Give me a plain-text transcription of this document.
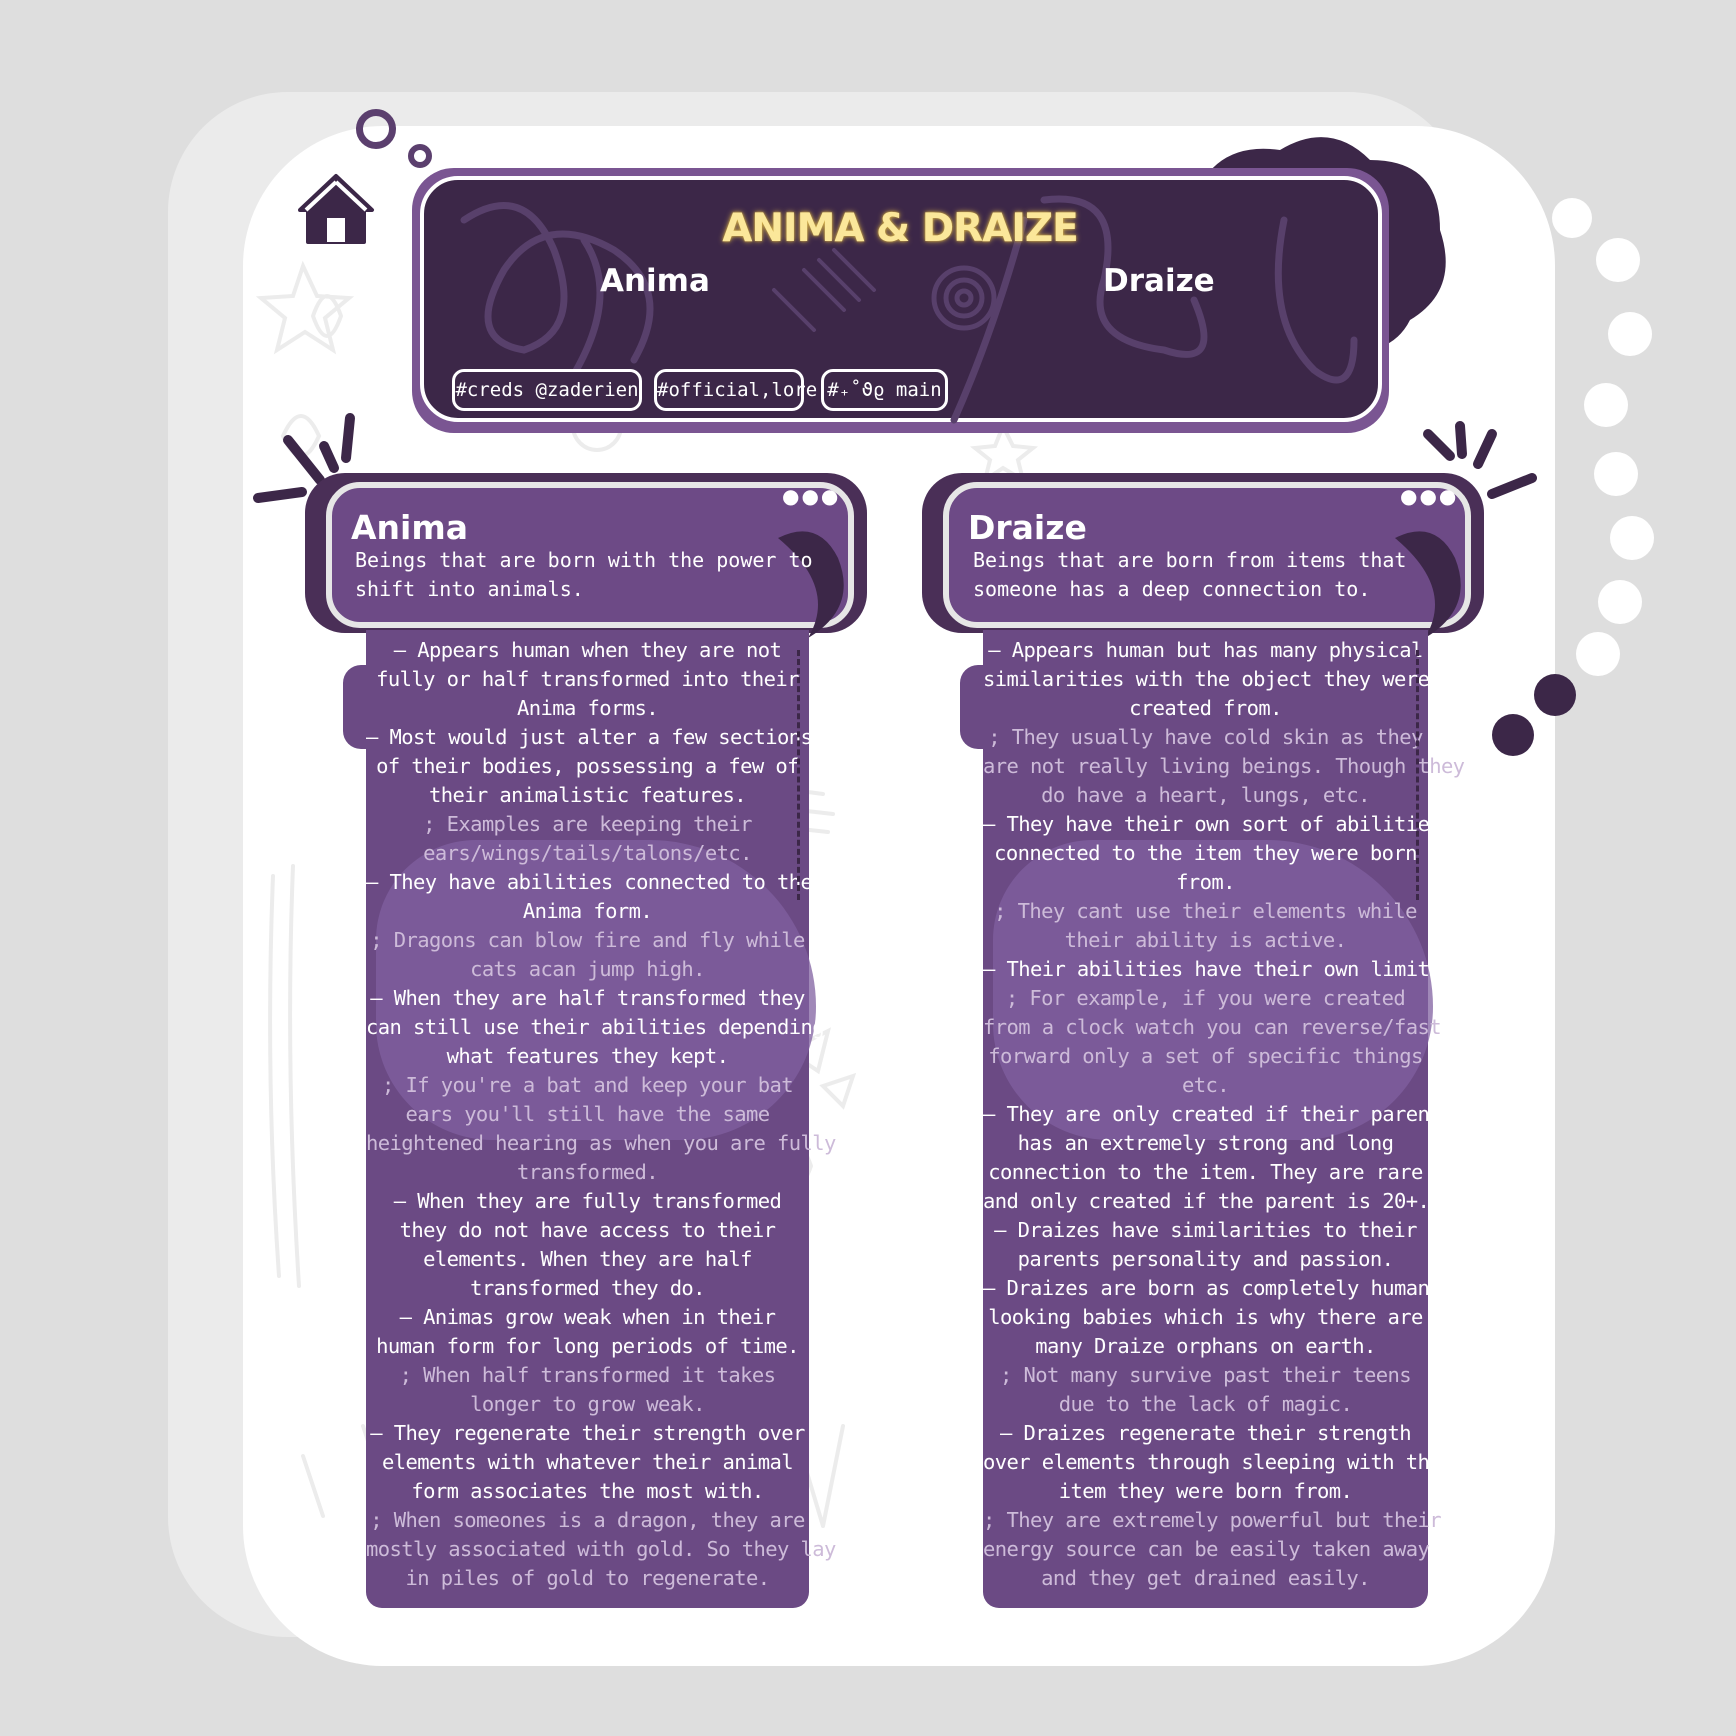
ANIMA & DRAIZE
Anima	Draize
#creds @zaderien #official,lore #₊˚ϑϱ main
●●●
Anima
Beings that are born with the power to
shift into animals.
— Appears human when they are not
fully or half transformed into their
Anima forms.
— Most would just alter a few sections
of their bodies, possessing a few of
their animalistic features.
; Examples are keeping their
ears/wings/tails/talons/etc.
— They have abilities connected to their
Anima form.
; Dragons can blow fire and fly while
cats acan jump high.
— When they are half transformed they
can still use their abilities depending on
what features they kept.
; If you're a bat and keep your bat
ears you'll still have the same
heightened hearing as when you are fully
transformed.
— When they are fully transformed
they do not have access to their
elements. When they are half
transformed they do.
— Animas grow weak when in their
human form for long periods of time.
; When half transformed it takes
longer to grow weak.
— They regenerate their strength over
elements with whatever their animal
form associates the most with.
; When someones is a dragon, they are
mostly associated with gold. So they lay
in piles of gold to regenerate.
●●●
Draize
Beings that are born from items that
someone has a deep connection to.
— Appears human but has many physical
similarities with the object they were
created from.
; They usually have cold skin as they
are not really living beings. Though they
do have a heart, lungs, etc.
— They have their own sort of abilities
connected to the item they were born
from.
; They cant use their elements while
their ability is active.
— Their abilities have their own limits.
; For example, if you were created
from a clock watch you can reverse/fast
forward only a set of specific things
etc.
— They are only created if their parent
has an extremely strong and long
connection to the item. They are rare
and only created if the parent is 20+.
— Draizes have similarities to their
parents personality and passion.
— Draizes are born as completely human
looking babies which is why there are
many Draize orphans on earth.
; Not many survive past their teens
due to the lack of magic.
— Draizes regenerate their strength
over elements through sleeping with the
item they were born from.
; They are extremely powerful but their
energy source can be easily taken away
and they get drained easily.
